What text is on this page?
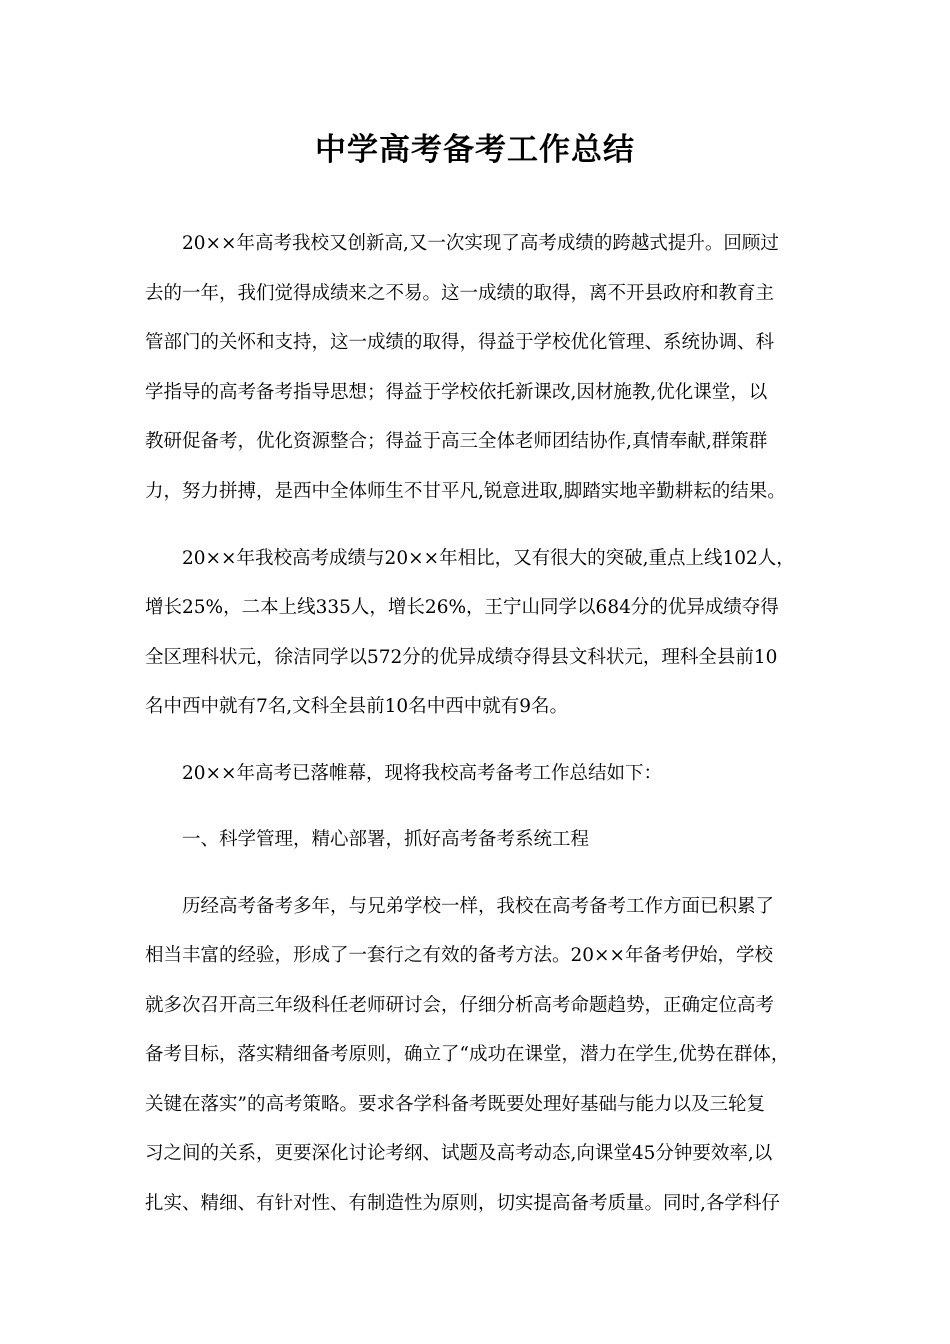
中学高考备考工作总结
20××年高考我校又创新高,又一次实现了高考成绩的跨越式提升。回顾过
去的一年，我们觉得成绩来之不易。这一成绩的取得，离不开县政府和教育主
管部门的关怀和支持，这一成绩的取得，得益于学校优化管理、系统协调、科
学指导的高考备考指导思想；得益于学校依托新课改,因材施教,优化课堂，以
教研促备考，优化资源整合；得益于高三全体老师团结协作,真情奉献,群策群
力，努力拼搏，是西中全体师生不甘平凡,锐意进取,脚踏实地辛勤耕耘的结果。
20××年我校高考成绩与20××年相比，又有很大的突破,重点上线102人，
增长25%，二本上线335人，增长26%，王宁山同学以684分的优异成绩夺得
全区理科状元，徐洁同学以572分的优异成绩夺得县文科状元，理科全县前10
名中西中就有7名,文科全县前10名中西中就有9名。
20××年高考已落帷幕，现将我校高考备考工作总结如下：
一、科学管理，精心部署，抓好高考备考系统工程
历经高考备考多年，与兄弟学校一样，我校在高考备考工作方面已积累了
相当丰富的经验，形成了一套行之有效的备考方法。20××年备考伊始，学校
就多次召开高三年级科任老师研讨会，仔细分析高考命题趋势，正确定位高考
备考目标，落实精细备考原则，确立了“成功在课堂，潜力在学生,优势在群体，
关键在落实”的高考策略。要求各学科备考既要处理好基础与能力以及三轮复
习之间的关系，更要深化讨论考纲、试题及高考动态,向课堂45分钟要效率,以
扎实、精细、有针对性、有制造性为原则，切实提高备考质量。同时,各学科仔
